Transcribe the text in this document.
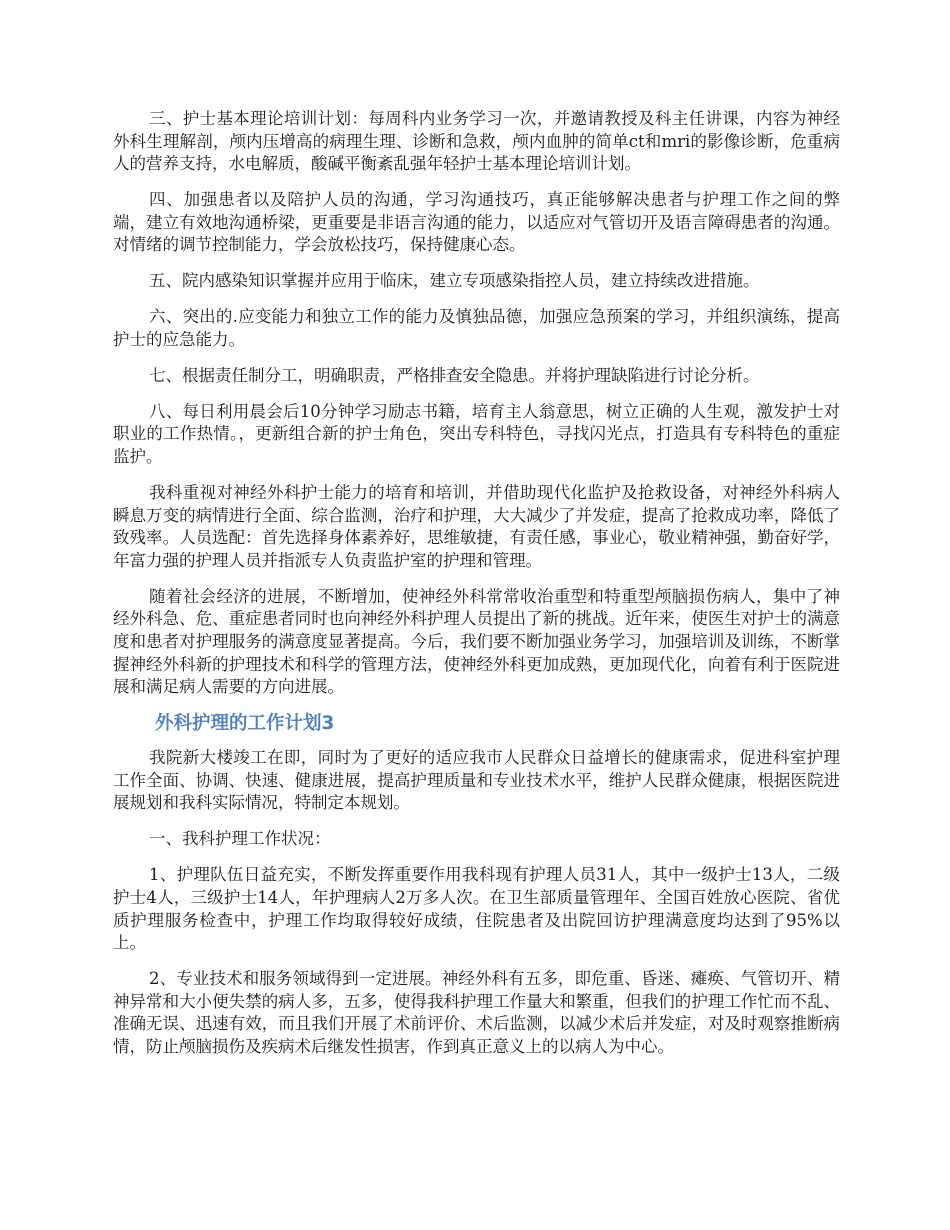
三、护士基本理论培训计划：每周科内业务学习一次，并邀请教授及科主任讲课，内容为神经外科生理解剖，颅内压增高的病理生理、诊断和急救，颅内血肿的简单ct和mri的影像诊断，危重病人的营养支持，水电解质，酸碱平衡紊乱强年轻护士基本理论培训计划。

四、加强患者以及陪护人员的沟通，学习沟通技巧，真正能够解决患者与护理工作之间的弊端，建立有效地沟通桥梁，更重要是非语言沟通的能力，以适应对气管切开及语言障碍患者的沟通。对情绪的调节控制能力，学会放松技巧，保持健康心态。

五、院内感染知识掌握并应用于临床，建立专项感染指控人员，建立持续改进措施。

六、突出的.应变能力和独立工作的能力及慎独品德，加强应急预案的学习，并组织演练，提高护士的应急能力。

七、根据责任制分工，明确职责，严格排查安全隐患。并将护理缺陷进行讨论分析。

八、每日利用晨会后10分钟学习励志书籍，培育主人翁意思，树立正确的人生观，激发护士对职业的工作热情。，更新组合新的护士角色，突出专科特色，寻找闪光点，打造具有专科特色的重症监护。

我科重视对神经外科护士能力的培育和培训，并借助现代化监护及抢救设备，对神经外科病人瞬息万变的病情进行全面、综合监测，治疗和护理，大大减少了并发症，提高了抢救成功率，降低了致残率。人员选配：首先选择身体素养好，思维敏捷，有责任感，事业心，敬业精神强，勤奋好学，年富力强的护理人员并指派专人负责监护室的护理和管理。

随着社会经济的进展，不断增加，使神经外科常常收治重型和特重型颅脑损伤病人，集中了神经外科急、危、重症患者同时也向神经外科护理人员提出了新的挑战。近年来，使医生对护士的满意度和患者对护理服务的满意度显著提高。今后，我们要不断加强业务学习，加强培训及训练，不断掌握神经外科新的护理技术和科学的管理方法，使神经外科更加成熟，更加现代化，向着有利于医院进展和满足病人需要的方向进展。

外科护理的工作计划3

我院新大楼竣工在即，同时为了更好的适应我市人民群众日益增长的健康需求，促进科室护理工作全面、协调、快速、健康进展，提高护理质量和专业技术水平，维护人民群众健康，根据医院进展规划和我科实际情况，特制定本规划。

一、我科护理工作状况：

1、护理队伍日益充实，不断发挥重要作用我科现有护理人员31人，其中一级护士13人，二级护士4人，三级护士14人，年护理病人2万多人次。在卫生部质量管理年、全国百姓放心医院、省优质护理服务检查中，护理工作均取得较好成绩，住院患者及出院回访护理满意度均达到了95%以上。

2、专业技术和服务领域得到一定进展。神经外科有五多，即危重、昏迷、瘫痪、气管切开、精神异常和大小便失禁的病人多，五多，使得我科护理工作量大和繁重，但我们的护理工作忙而不乱、准确无误、迅速有效，而且我们开展了术前评价、术后监测，以减少术后并发症，对及时观察推断病情，防止颅脑损伤及疾病术后继发性损害，作到真正意义上的以病人为中心。
